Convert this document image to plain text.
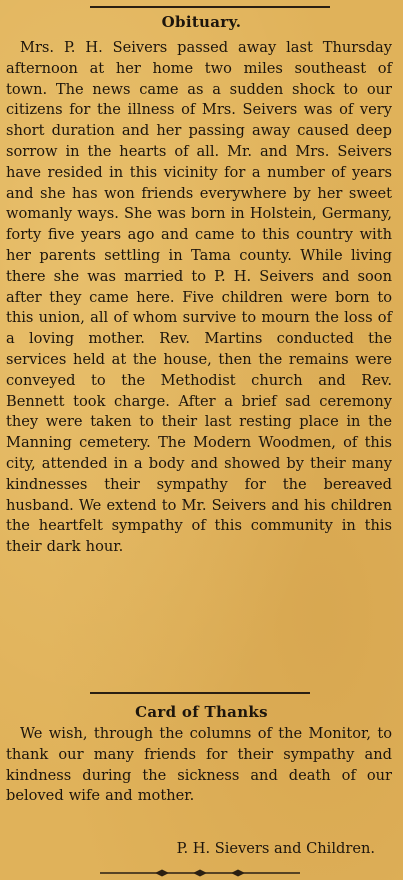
Obituary.
Mrs. P. H. Seivers passed away last Thursday afternoon at her home two miles southeast of town. The news came as a sudden shock to our citizens for the illness of Mrs. Seivers was of very short duration and her passing away caused deep sorrow in the hearts of all. Mr. and Mrs. Seivers have resided in this vicinity for a number of years and she has won friends everywhere by her sweet womanly ways. She was born in Holstein, Germany, forty five years ago and came to this country with her parents settling in Tama county. While living there she was married to P. H. Seivers and soon after they came here. Five children were born to this union, all of whom survive to mourn the loss of a loving mother. Rev. Martins conducted the services held at the house, then the remains were conveyed to the Methodist church and Rev. Bennett took charge. After a brief sad ceremony they were taken to their last resting place in the Manning cemetery. The Modern Woodmen, of this city, attended in a body and showed by their many kindnesses their sympathy for the bereaved husband. We extend to Mr. Seivers and his children the heartfelt sympathy of this community in this their dark hour.
Card of Thanks
We wish, through the columns of the Monitor, to thank our many friends for their sympathy and kindness during the sickness and death of our beloved wife and mother.
P. H. Sievers and Children.
